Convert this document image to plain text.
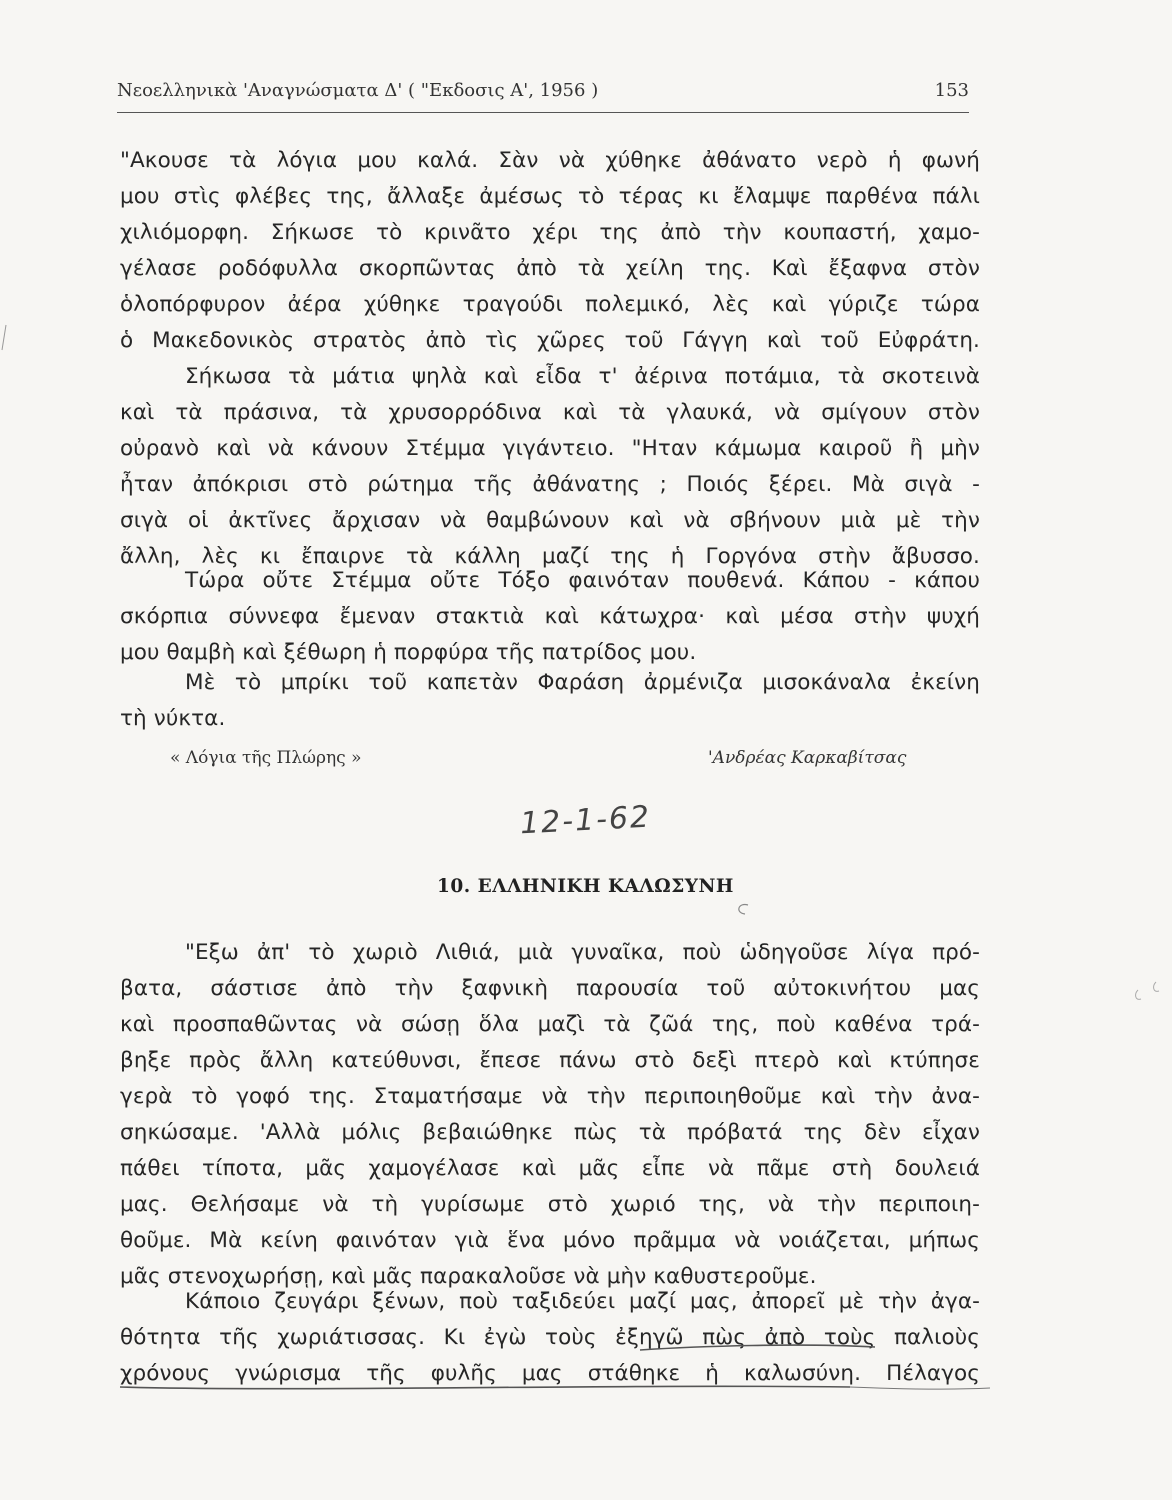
Νεοελληνικὰ 'Αναγνώσματα Δ' ( "Εκδοσις Α', 1956 )	153
"Ακουσε τὰ λόγια μου καλά. Σὰν νὰ χύθηκε ἀθάνατο νερὸ ἡ φωνή
μου στὶς φλέβες της, ἄλλαξε ἀμέσως τὸ τέρας κι ἔλαμψε παρθένα πάλι
χιλιόμορφη. Σήκωσε τὸ κρινᾶτο χέρι της ἀπὸ τὴν κουπαστή, χαμο-
γέλασε ροδόφυλλα σκορπῶντας ἀπὸ τὰ χείλη της. Καὶ ἔξαφνα στὸν
ὁλοπόρφυρον ἀέρα χύθηκε τραγούδι πολεμικό, λὲς καὶ γύριζε τώρα
ὁ Μακεδονικὸς στρατὸς ἀπὸ τὶς χῶρες τοῦ Γάγγη καὶ τοῦ Εὐφράτη.
Σήκωσα τὰ μάτια ψηλὰ καὶ εἶδα τ' ἀέρινα ποτάμια, τὰ σκοτεινὰ
καὶ τὰ πράσινα, τὰ χρυσορρόδινα καὶ τὰ γλαυκά, νὰ σμίγουν στὸν
οὐρανὸ καὶ νὰ κάνουν Στέμμα γιγάντειο. "Ηταν κάμωμα καιροῦ ἢ μὴν
ἦταν ἀπόκρισι στὸ ρώτημα τῆς ἀθάνατης ; Ποιός ξέρει. Μὰ σιγὰ -
σιγὰ οἱ ἀκτῖνες ἄρχισαν νὰ θαμβώνουν καὶ νὰ σβήνουν μιὰ μὲ τὴν
ἄλλη, λὲς κι ἔπαιρνε τὰ κάλλη μαζί της ἡ Γοργόνα στὴν ἄβυσσο.
Τώρα οὔτε Στέμμα οὔτε Τόξο φαινόταν πουθενά. Κάπου - κάπου
σκόρπια σύννεφα ἔμεναν στακτιὰ καὶ κάτωχρα· καὶ μέσα στὴν ψυχή
μου θαμβὴ καὶ ξέθωρη ἡ πορφύρα τῆς πατρίδος μου.
Μὲ τὸ μπρίκι τοῦ καπετὰν Φαράση ἀρμένιζα μισοκάναλα ἐκείνη
τὴ νύκτα.
« Λόγια τῆς Πλώρης »	'Ανδρέας Καρκαβίτσας
12-1-62
10. ΕΛΛΗΝΙΚΗ ΚΑΛΩΣΥΝΗ
"Εξω ἀπ' τὸ χωριὸ Λιθιά, μιὰ γυναῖκα, ποὺ ὡδηγοῦσε λίγα πρό-
βατα, σάστισε ἀπὸ τὴν ξαφνικὴ παρουσία τοῦ αὐτοκινήτου μας
καὶ προσπαθῶντας νὰ σώσῃ ὅλα μαζὶ τὰ ζῶά της, ποὺ καθένα τρά-
βηξε πρὸς ἄλλη κατεύθυνσι, ἔπεσε πάνω στὸ δεξὶ πτερὸ καὶ κτύπησε
γερὰ τὸ γοφό της. Σταματήσαμε νὰ τὴν περιποιηθοῦμε καὶ τὴν ἀνα-
σηκώσαμε. 'Αλλὰ μόλις βεβαιώθηκε πὼς τὰ πρόβατά της δὲν εἶχαν
πάθει τίποτα, μᾶς χαμογέλασε καὶ μᾶς εἶπε νὰ πᾶμε στὴ δουλειά
μας. Θελήσαμε νὰ τὴ γυρίσωμε στὸ χωριό της, νὰ τὴν περιποιη-
θοῦμε. Μὰ κείνη φαινόταν γιὰ ἕνα μόνο πρᾶμμα νὰ νοιάζεται, μήπως
μᾶς στενοχωρήσῃ, καὶ μᾶς παρακαλοῦσε νὰ μὴν καθυστεροῦμε.
Κάποιο ζευγάρι ξένων, ποὺ ταξιδεύει μαζί μας, ἀπορεῖ μὲ τὴν ἀγα-
θότητα τῆς χωριάτισσας. Κι ἐγὼ τοὺς ἐξηγῶ πὼς ἀπὸ τοὺς παλιοὺς
χρόνους γνώρισμα τῆς φυλῆς μας στάθηκε ἡ καλωσύνη. Πέλαγος
